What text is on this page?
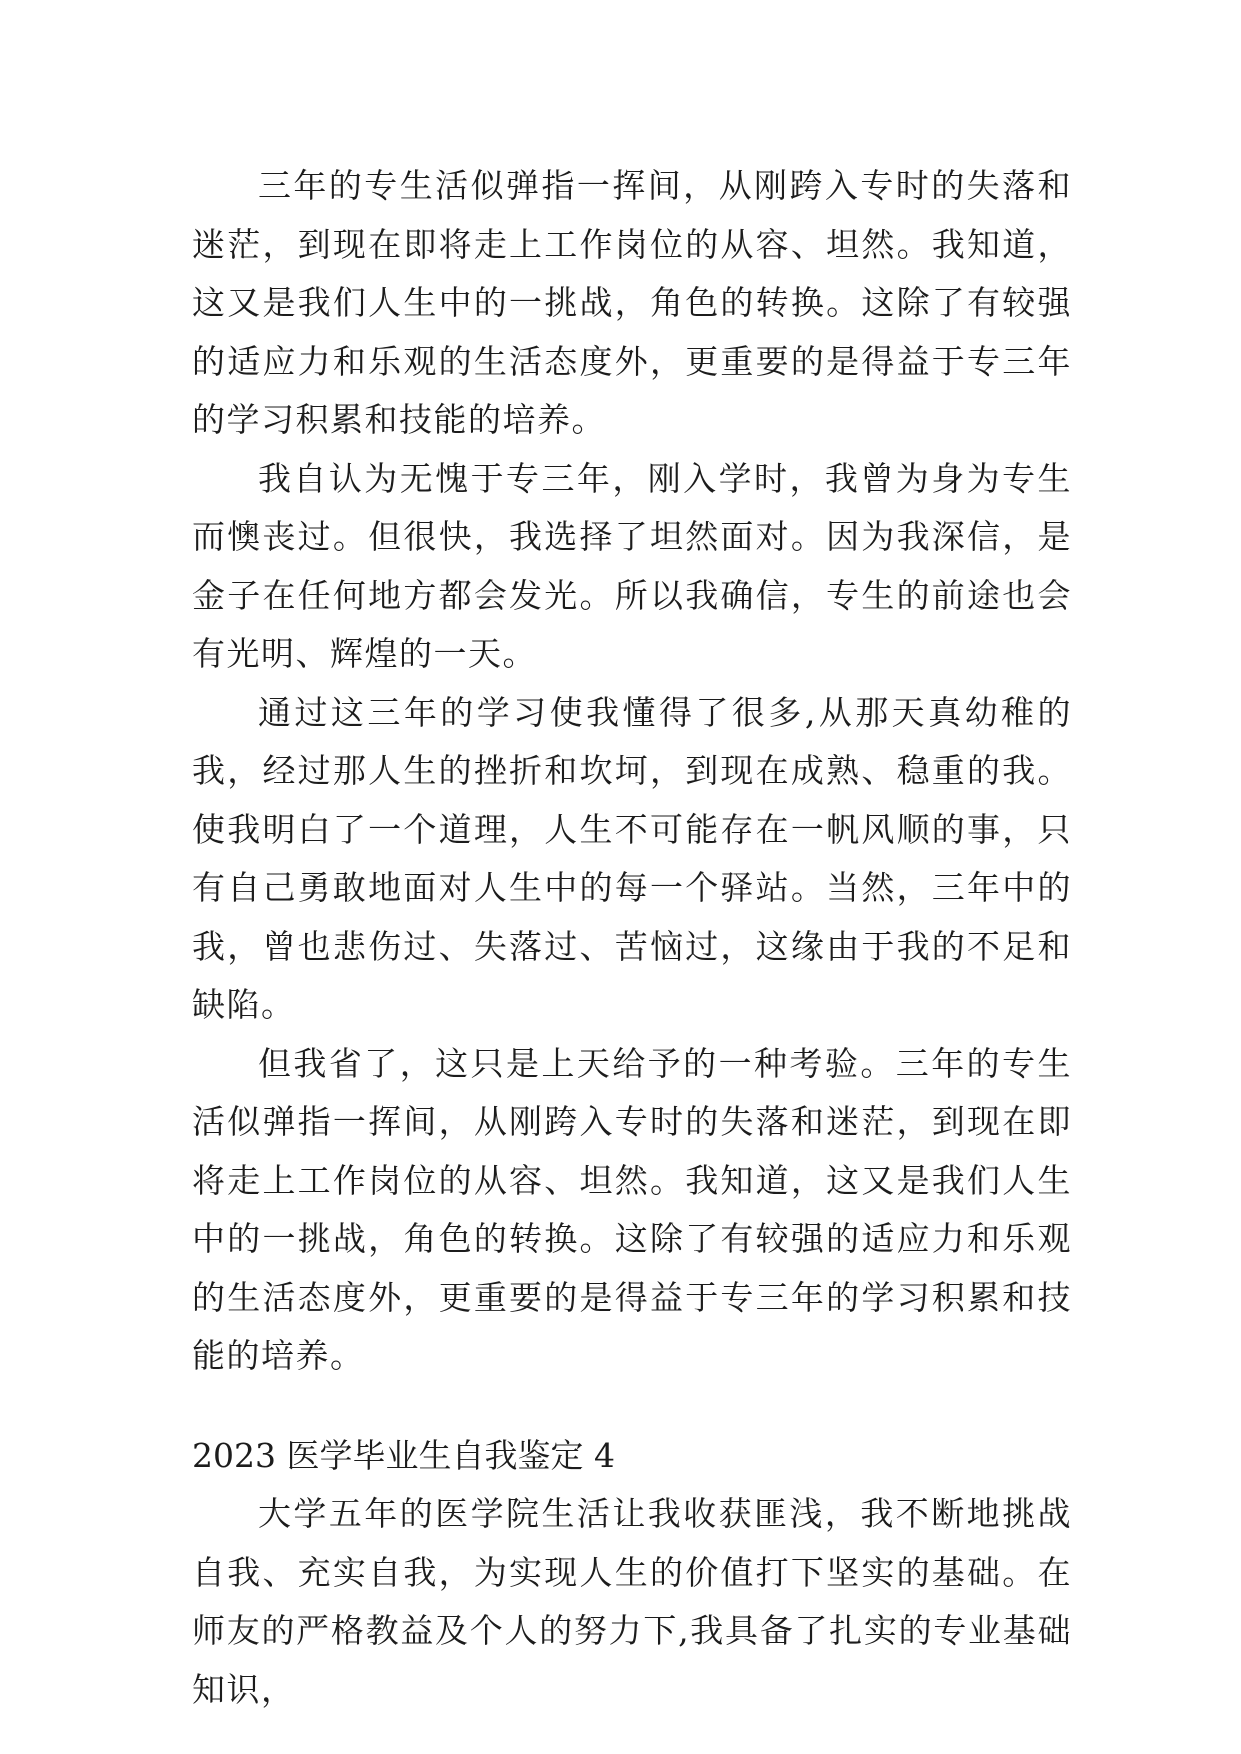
三年的专生活似弹指一挥间，从刚跨入专时的失落和迷茫，到现在即将走上工作岗位的从容、坦然。我知道，这又是我们人生中的一挑战，角色的转换。这除了有较强的适应力和乐观的生活态度外，更重要的是得益于专三年的学习积累和技能的培养。

我自认为无愧于专三年，刚入学时，我曾为身为专生而懊丧过。但很快，我选择了坦然面对。因为我深信，是金子在任何地方都会发光。所以我确信，专生的前途也会有光明、辉煌的一天。

通过这三年的学习使我懂得了很多,从那天真幼稚的我，经过那人生的挫折和坎坷，到现在成熟、稳重的我。使我明白了一个道理，人生不可能存在一帆风顺的事，只有自己勇敢地面对人生中的每一个驿站。当然，三年中的我，曾也悲伤过、失落过、苦恼过，这缘由于我的不足和缺陷。

但我省了，这只是上天给予的一种考验。三年的专生活似弹指一挥间，从刚跨入专时的失落和迷茫，到现在即将走上工作岗位的从容、坦然。我知道，这又是我们人生中的一挑战，角色的转换。这除了有较强的适应力和乐观的生活态度外，更重要的是得益于专三年的学习积累和技能的培养。

2023 医学毕业生自我鉴定 4

大学五年的医学院生活让我收获匪浅，我不断地挑战自我、充实自我，为实现人生的价值打下坚实的基础。在师友的严格教益及个人的努力下,我具备了扎实的专业基础知识，
